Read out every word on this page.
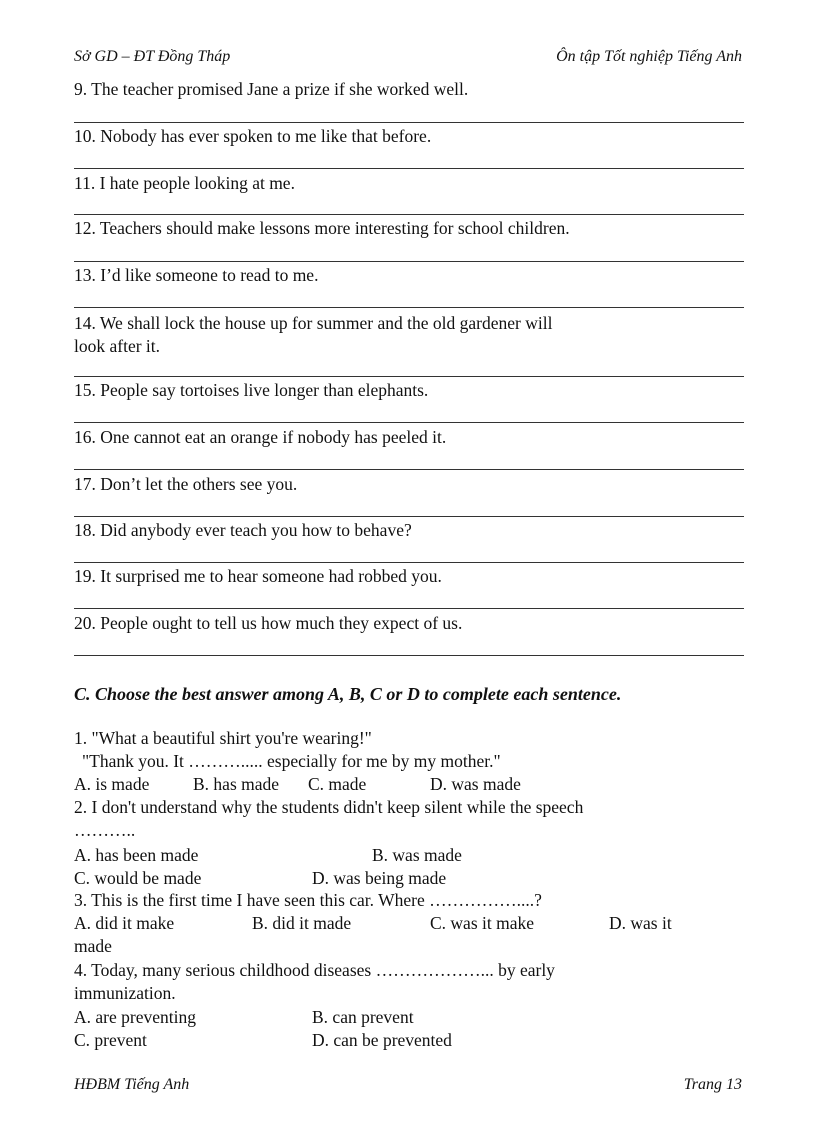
Sở GD – ĐT Đồng Tháp	Ôn tập Tốt nghiệp Tiếng Anh
9. The teacher promised Jane a prize if she worked well.
10. Nobody has ever spoken to me like that before.
11. I hate people looking at me.
12. Teachers should make lessons more interesting for school children.
13. I’d like someone to read to me.
14. We shall lock the house up for summer and the old gardener will
look after it.
15. People say tortoises live longer than elephants.
16. One cannot eat an orange if nobody has peeled it.
17. Don’t let the others see you.
18. Did anybody ever teach you how to behave?
19. It surprised me to hear someone had robbed you.
20. People ought to tell us how much they expect of us.
C. Choose the best answer among A, B, C or D to complete each sentence.
1. "What a beautiful shirt you're wearing!"
"Thank you. It ………..... especially for me by my mother."
A. is made B. has made C. made	D. was made
2. I don't understand why the students didn't keep silent while the speech
………..
A. has been made	B. was made
C. would be made	D. was being made
3. This is the first time I have seen this car. Where ……………....?
A. did it make	B. did it made	C. was it make	D. was it
made
4. Today, many serious childhood diseases ………………... by early
immunization.
A. are preventing	B. can prevent
C. prevent	D. can be prevented
HĐBM Tiếng Anh	Trang 13
